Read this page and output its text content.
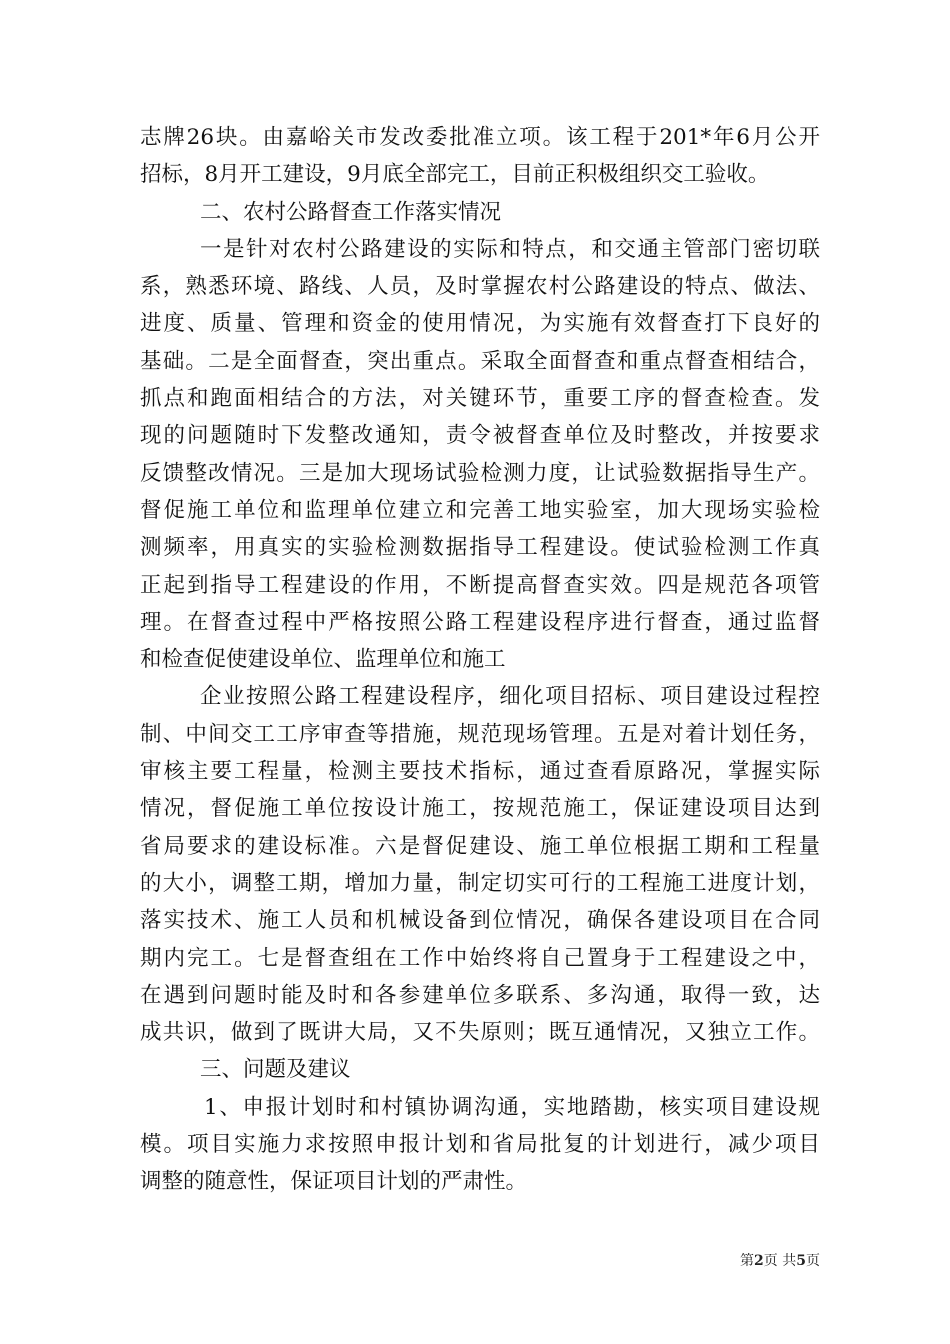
志牌26块。由嘉峪关市发改委批准立项。该工程于201*年6月公开
招标，8月开工建设，9月底全部完工，目前正积极组织交工验收。
二、农村公路督查工作落实情况
一是针对农村公路建设的实际和特点，和交通主管部门密切联
系，熟悉环境、路线、人员，及时掌握农村公路建设的特点、做法、
进度、质量、管理和资金的使用情况，为实施有效督查打下良好的
基础。二是全面督查，突出重点。采取全面督查和重点督查相结合，
抓点和跑面相结合的方法，对关键环节，重要工序的督查检查。发
现的问题随时下发整改通知，责令被督查单位及时整改，并按要求
反馈整改情况。三是加大现场试验检测力度，让试验数据指导生产。
督促施工单位和监理单位建立和完善工地实验室，加大现场实验检
测频率，用真实的实验检测数据指导工程建设。使试验检测工作真
正起到指导工程建设的作用，不断提高督查实效。四是规范各项管
理。在督查过程中严格按照公路工程建设程序进行督查，通过监督
和检查促使建设单位、监理单位和施工
企业按照公路工程建设程序，细化项目招标、项目建设过程控
制、中间交工工序审查等措施，规范现场管理。五是对着计划任务，
审核主要工程量，检测主要技术指标，通过查看原路况，掌握实际
情况，督促施工单位按设计施工，按规范施工，保证建设项目达到
省局要求的建设标准。六是督促建设、施工单位根据工期和工程量
的大小，调整工期，增加力量，制定切实可行的工程施工进度计划，
落实技术、施工人员和机械设备到位情况，确保各建设项目在合同
期内完工。七是督查组在工作中始终将自己置身于工程建设之中，
在遇到问题时能及时和各参建单位多联系、多沟通，取得一致，达
成共识，做到了既讲大局，又不失原则；既互通情况，又独立工作。
三、问题及建议
1、申报计划时和村镇协调沟通，实地踏勘，核实项目建设规
模。项目实施力求按照申报计划和省局批复的计划进行，减少项目
调整的随意性，保证项目计划的严肃性。
第2页 共5页
